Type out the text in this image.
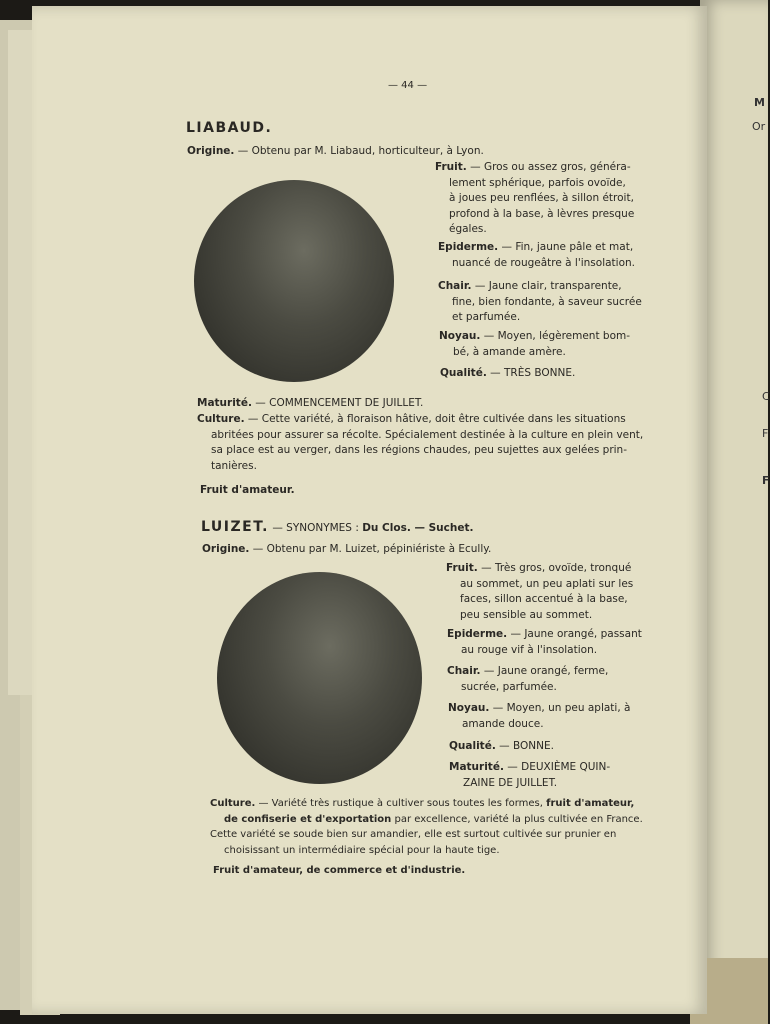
M
Or
C
F
F
— 44 —
LIABAUD.
Origine. — Obtenu par M. Liabaud, horticulteur, à Lyon.
Fruit. — Gros ou assez gros, généra-
lement sphérique, parfois ovoïde,
à joues peu renflées, à sillon étroit,
profond à la base, à lèvres presque
égales.
Epiderme. — Fin, jaune pâle et mat,
nuancé de rougeâtre à l'insolation.
Chair. — Jaune clair, transparente,
fine, bien fondante, à saveur sucrée
et parfumée.
Noyau. — Moyen, légèrement bom-
bé, à amande amère.
Qualité. — TRÈS BONNE.
Maturité. — COMMENCEMENT DE JUILLET.
Culture. — Cette variété, à floraison hâtive, doit être cultivée dans les situations
abritées pour assurer sa récolte. Spécialement destinée à la culture en plein vent,
sa place est au verger, dans les régions chaudes, peu sujettes aux gelées prin-
tanières.
Fruit d'amateur.
LUIZET. — SYNONYMES : Du Clos. — Suchet.
Origine. — Obtenu par M. Luizet, pépiniériste à Ecully.
Fruit. — Très gros, ovoïde, tronqué
au sommet, un peu aplati sur les
faces, sillon accentué à la base,
peu sensible au sommet.
Epiderme. — Jaune orangé, passant
au rouge vif à l'insolation.
Chair. — Jaune orangé, ferme,
sucrée, parfumée.
Noyau. — Moyen, un peu aplati, à
amande douce.
Qualité. — BONNE.
Maturité. — DEUXIÈME QUIN-
ZAINE DE JUILLET.
Culture. — Variété très rustique à cultiver sous toutes les formes, fruit d'amateur,
de confiserie et d'exportation par excellence, variété la plus cultivée en France.
Cette variété se soude bien sur amandier, elle est surtout cultivée sur prunier en
choisissant un intermédiaire spécial pour la haute tige.
Fruit d'amateur, de commerce et d'industrie.
